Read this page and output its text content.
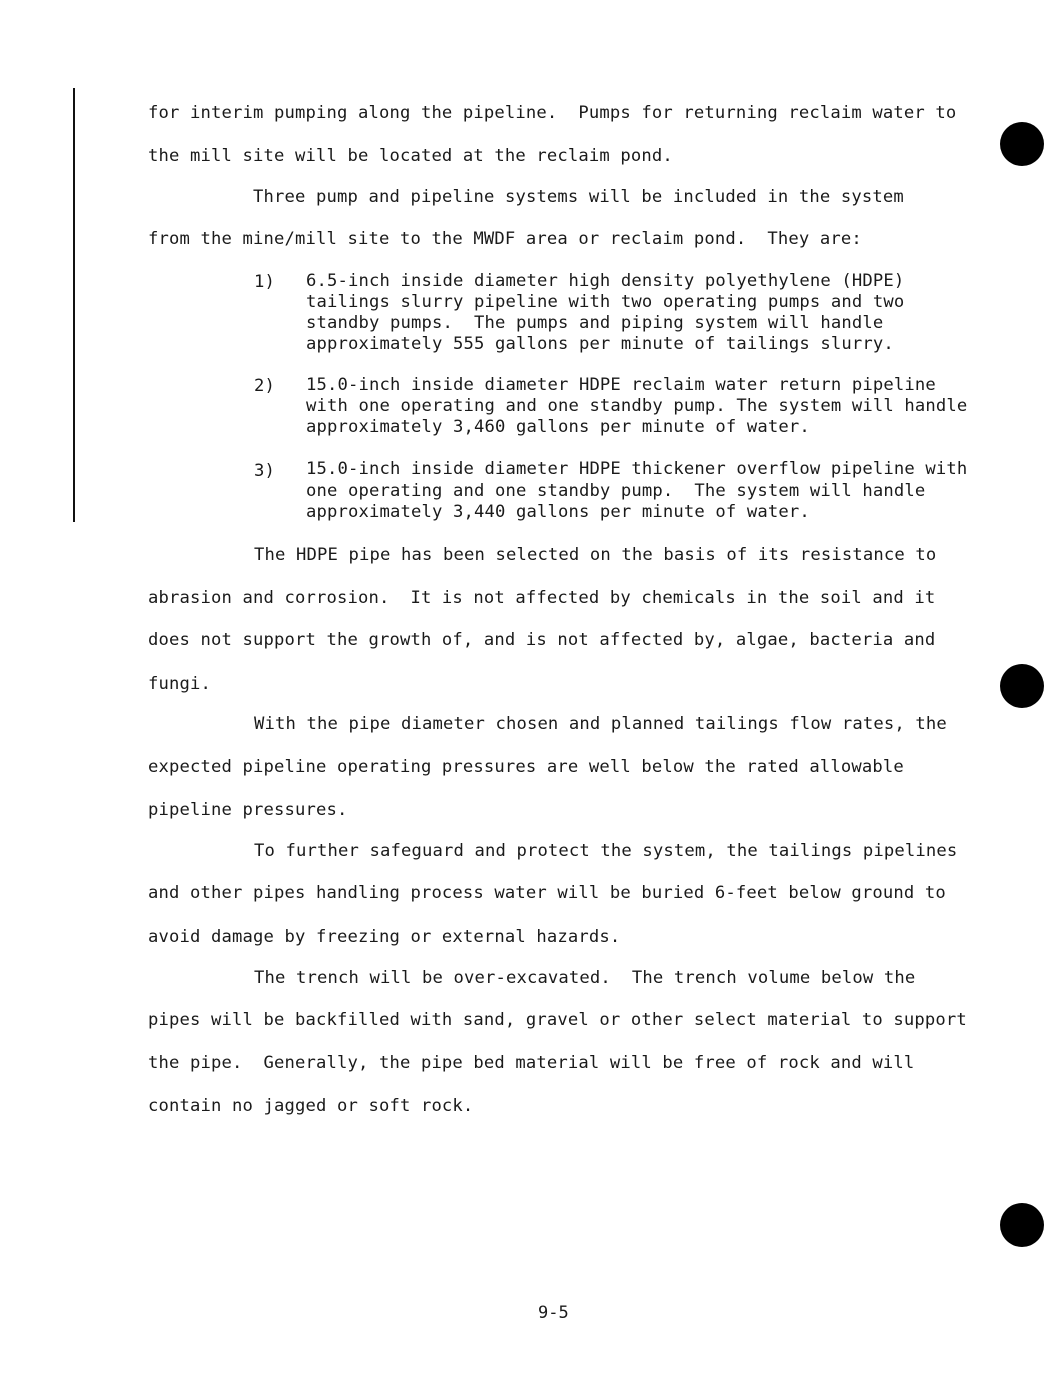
for interim pumping along the pipeline.  Pumps for returning reclaim water to
the mill site will be located at the reclaim pond.
Three pump and pipeline systems will be included in the system
from the mine/mill site to the MWDF area or reclaim pond.  They are:
1) 6.5-inch inside diameter high density polyethylene (HDPE)
tailings slurry pipeline with two operating pumps and two
standby pumps.  The pumps and piping system will handle
approximately 555 gallons per minute of tailings slurry.
2) 15.0-inch inside diameter HDPE reclaim water return pipeline
with one operating and one standby pump. The system will handle
approximately 3,460 gallons per minute of water.
3) 15.0-inch inside diameter HDPE thickener overflow pipeline with
one operating and one standby pump.  The system will handle
approximately 3,440 gallons per minute of water.
The HDPE pipe has been selected on the basis of its resistance to
abrasion and corrosion.  It is not affected by chemicals in the soil and it
does not support the growth of, and is not affected by, algae, bacteria and
fungi.
With the pipe diameter chosen and planned tailings flow rates, the
expected pipeline operating pressures are well below the rated allowable
pipeline pressures.
To further safeguard and protect the system, the tailings pipelines
and other pipes handling process water will be buried 6-feet below ground to
avoid damage by freezing or external hazards.
The trench will be over-excavated.  The trench volume below the
pipes will be backfilled with sand, gravel or other select material to support
the pipe.  Generally, the pipe bed material will be free of rock and will
contain no jagged or soft rock.
9-5
